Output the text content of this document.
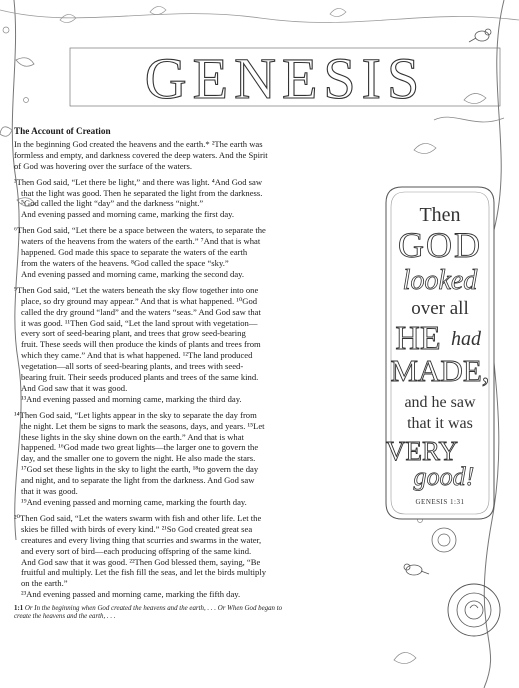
GENESIS
The Account of Creation
In the beginning God created the heavens and the earth.* ²The earth was
formless and empty, and darkness covered the deep waters. And the Spirit
of God was hovering over the surface of the waters.
³Then God said, “Let there be light,” and there was light. ⁴And God saw
that the light was good. Then he separated the light from the darkness.
⁵God called the light “day” and the darkness “night.”
And evening passed and morning came, marking the first day.
⁶Then God said, “Let there be a space between the waters, to separate the
waters of the heavens from the waters of the earth.” ⁷And that is what
happened. God made this space to separate the waters of the earth
from the waters of the heavens. ⁸God called the space “sky.”
And evening passed and morning came, marking the second day.
⁹Then God said, “Let the waters beneath the sky flow together into one
place, so dry ground may appear.” And that is what happened. ¹⁰God
called the dry ground “land” and the waters “seas.” And God saw that
it was good. ¹¹Then God said, “Let the land sprout with vegetation—
every sort of seed-bearing plant, and trees that grow seed-bearing
fruit. These seeds will then produce the kinds of plants and trees from
which they came.” And that is what happened. ¹²The land produced
vegetation—all sorts of seed-bearing plants, and trees with seed-
bearing fruit. Their seeds produced plants and trees of the same kind.
And God saw that it was good.
¹³And evening passed and morning came, marking the third day.
¹⁴Then God said, “Let lights appear in the sky to separate the day from
the night. Let them be signs to mark the seasons, days, and years. ¹⁵Let
these lights in the sky shine down on the earth.” And that is what
happened. ¹⁶God made two great lights—the larger one to govern the
day, and the smaller one to govern the night. He also made the stars.
¹⁷God set these lights in the sky to light the earth, ¹⁸to govern the day
and night, and to separate the light from the darkness. And God saw
that it was good.
¹⁹And evening passed and morning came, marking the fourth day.
²⁰Then God said, “Let the waters swarm with fish and other life. Let the
skies be filled with birds of every kind.” ²¹So God created great sea
creatures and every living thing that scurries and swarms in the water,
and every sort of bird—each producing offspring of the same kind.
And God saw that it was good. ²²Then God blessed them, saying, “Be
fruitful and multiply. Let the fish fill the seas, and let the birds multiply
on the earth.”
²³And evening passed and morning came, marking the fifth day.
1:1 Or In the beginning when God created the heavens and the earth, . . . Or When God began to
create the heavens and the earth, . . .
Then
GOD
looked
over all
HE had
MADE,
and he saw
that it was
VERY
good!
GENESIS 1:31
